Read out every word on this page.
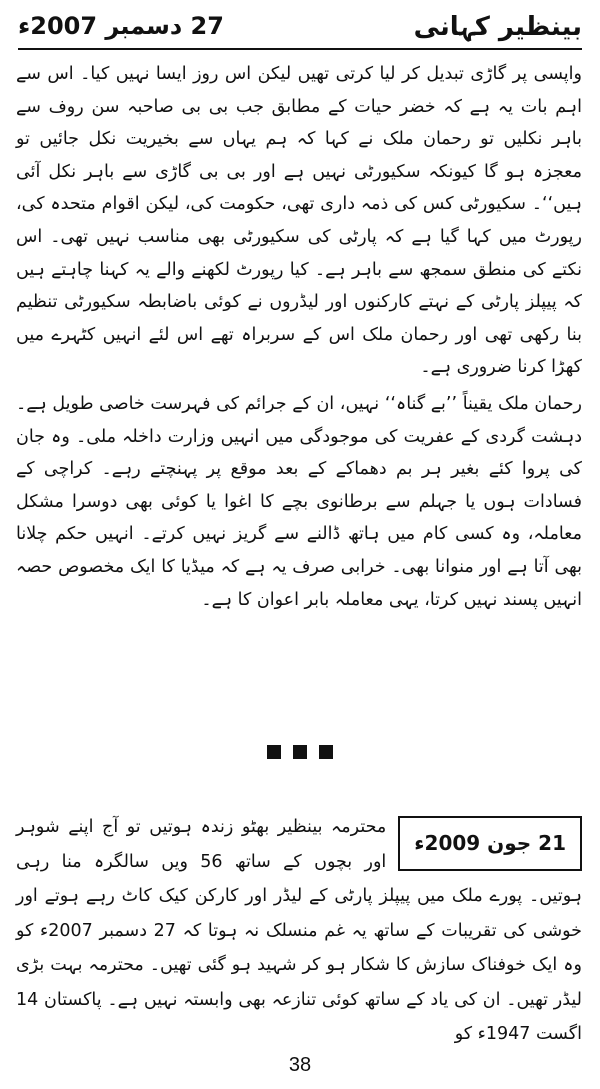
بینظیر کہانی
27 دسمبر 2007ء

واپسی پر گاڑی تبدیل کر لیا کرتی تھیں لیکن اس روز ایسا نہیں کیا۔ اس سے اہم بات یہ ہے کہ خضر حیات کے مطابق جب بی بی صاحبہ سن روف سے باہر نکلیں تو رحمان ملک نے کہا کہ ہم یہاں سے بخیریت نکل جائیں تو معجزہ ہو گا کیونکہ سکیورٹی نہیں ہے اور بی بی گاڑی سے باہر نکل آئی ہیں‘‘۔ سکیورٹی کس کی ذمہ داری تھی، حکومت کی، لیکن اقوام متحدہ کی، رپورٹ میں کہا گیا ہے کہ پارٹی کی سکیورٹی بھی مناسب نہیں تھی۔ اس نکتے کی منطق سمجھ سے باہر ہے۔ کیا رپورٹ لکھنے والے یہ کہنا چاہتے ہیں کہ پیپلز پارٹی کے نہتے کارکنوں اور لیڈروں نے کوئی باضابطہ سکیورٹی تنظیم بنا رکھی تھی اور رحمان ملک اس کے سربراہ تھے اس لئے انہیں کٹہرے میں کھڑا کرنا ضروری ہے۔

رحمان ملک یقیناً ’’بے گناہ‘‘ نہیں، ان کے جرائم کی فہرست خاصی طویل ہے۔ دہشت گردی کے عفریت کی موجودگی میں انہیں وزارت داخلہ ملی۔ وہ جان کی پروا کئے بغیر ہر بم دھماکے کے بعد موقع پر پہنچتے رہے۔ کراچی کے فسادات ہوں یا جہلم سے برطانوی بچے کا اغوا یا کوئی بھی دوسرا مشکل معاملہ، وہ کسی کام میں ہاتھ ڈالنے سے گریز نہیں کرتے۔ انہیں حکم چلانا بھی آتا ہے اور منوانا بھی۔ خرابی صرف یہ ہے کہ میڈیا کا ایک مخصوص حصہ انہیں پسند نہیں کرتا، یہی معاملہ بابر اعوان کا ہے۔

21 جون 2009ء
محترمہ بینظیر بھٹو زندہ ہوتیں تو آج اپنے شوہر اور بچوں کے ساتھ 56 ویں سالگرہ منا رہی ہوتیں۔ پورے ملک میں پیپلز پارٹی کے لیڈر اور کارکن کیک کاٹ رہے ہوتے اور خوشی کی تقریبات کے ساتھ یہ غم منسلک نہ ہوتا کہ 27 دسمبر 2007ء کو وہ ایک خوفناک سازش کا شکار ہو کر شہید ہو گئی تھیں۔ محترمہ بہت بڑی لیڈر تھیں۔ ان کی یاد کے ساتھ کوئی تنازعہ بھی وابستہ نہیں ہے۔ پاکستان 14 اگست 1947ء کو
38
